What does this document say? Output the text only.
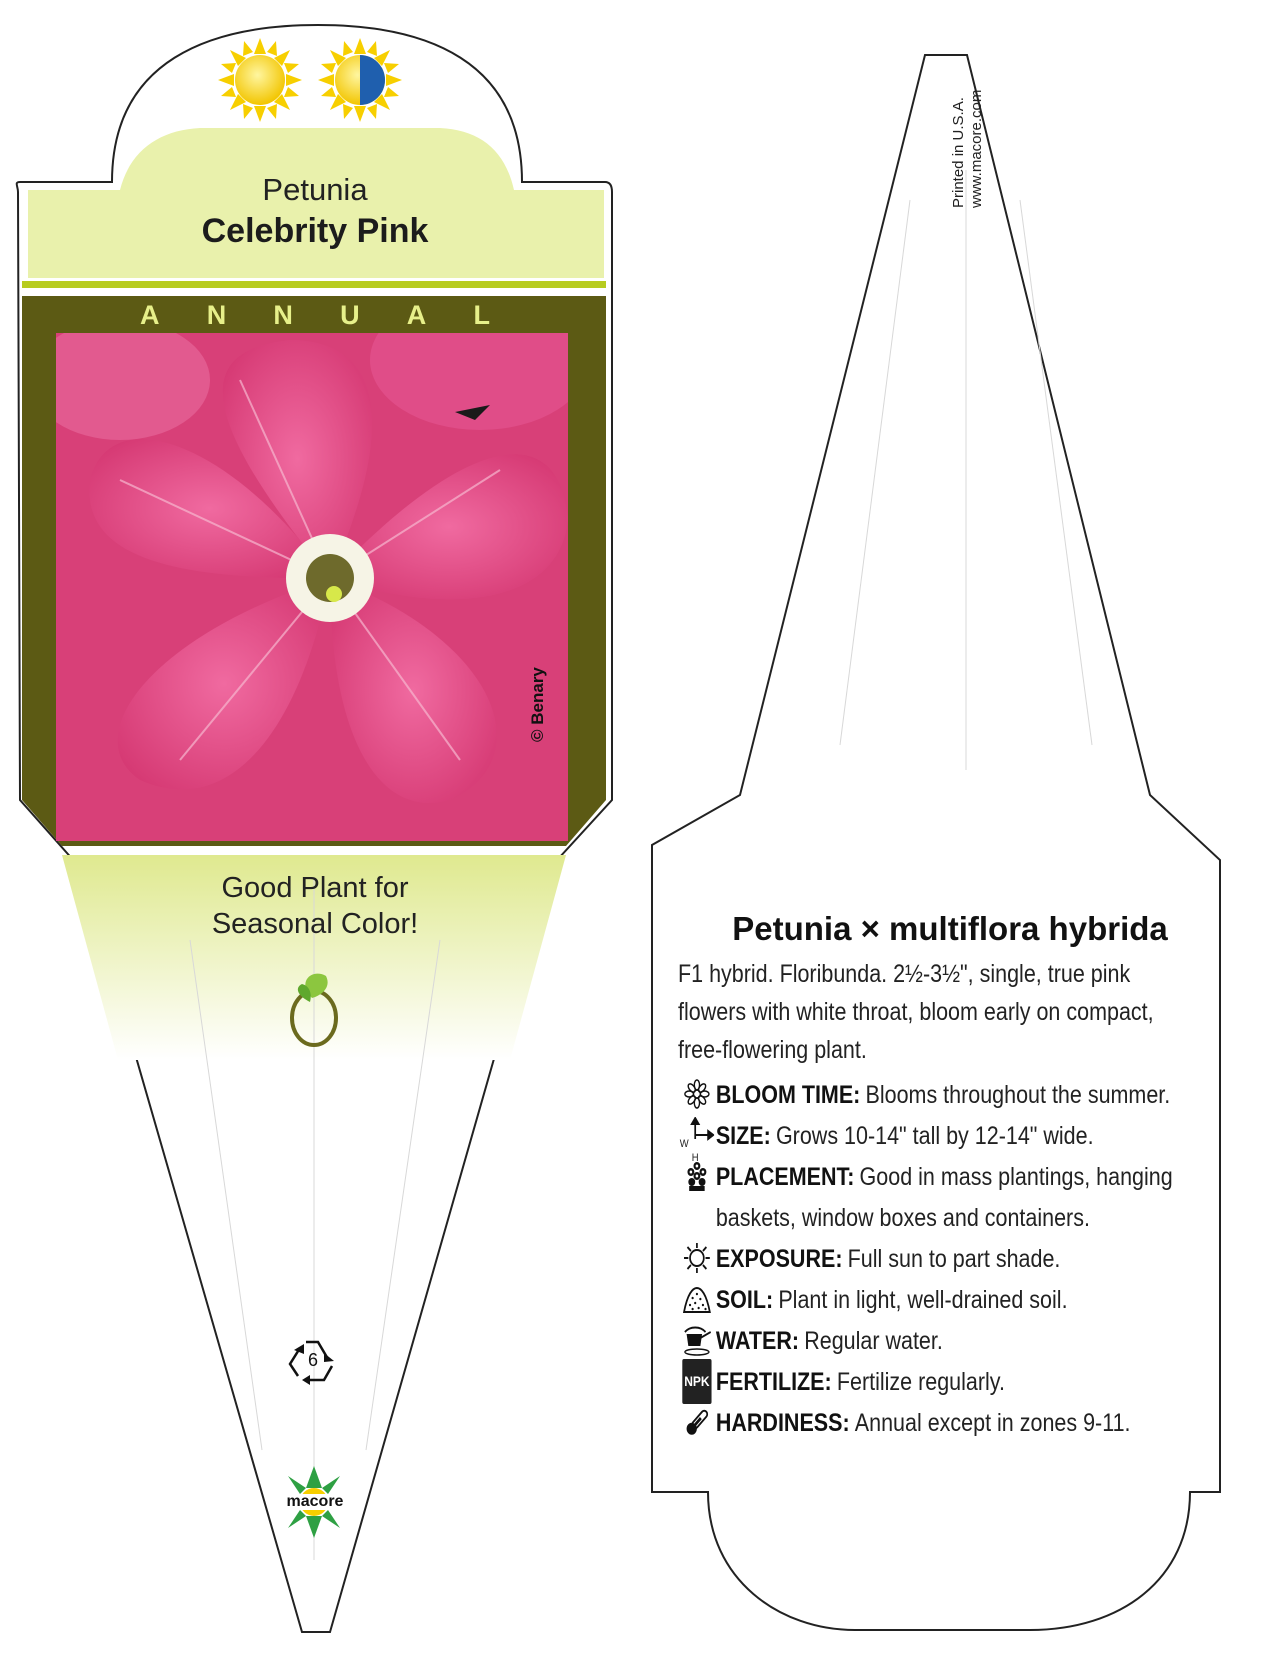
Petunia
Celebrity Pink
A N N U A L
© Benary
Good Plant for
Seasonal Color!
6
macore
Printed in U.S.A. www.macore.com
Petunia × multiflora hybrida

F1 hybrid. Floribunda. 2½-3½", single, true pink flowers with white throat, bloom early on compact, free-flowering plant.

BLOOM TIME: Blooms throughout the summer.
W
H
SIZE: Grows 10-14" tall by 12-14" wide.
PLACEMENT: Good in mass plantings, hanging baskets, window boxes and containers.
EXPOSURE: Full sun to part shade.
SOIL: Plant in light, well-drained soil.
WATER: Regular water.
NPK FERTILIZE: Fertilize regularly.
HARDINESS: Annual except in zones 9-11.
